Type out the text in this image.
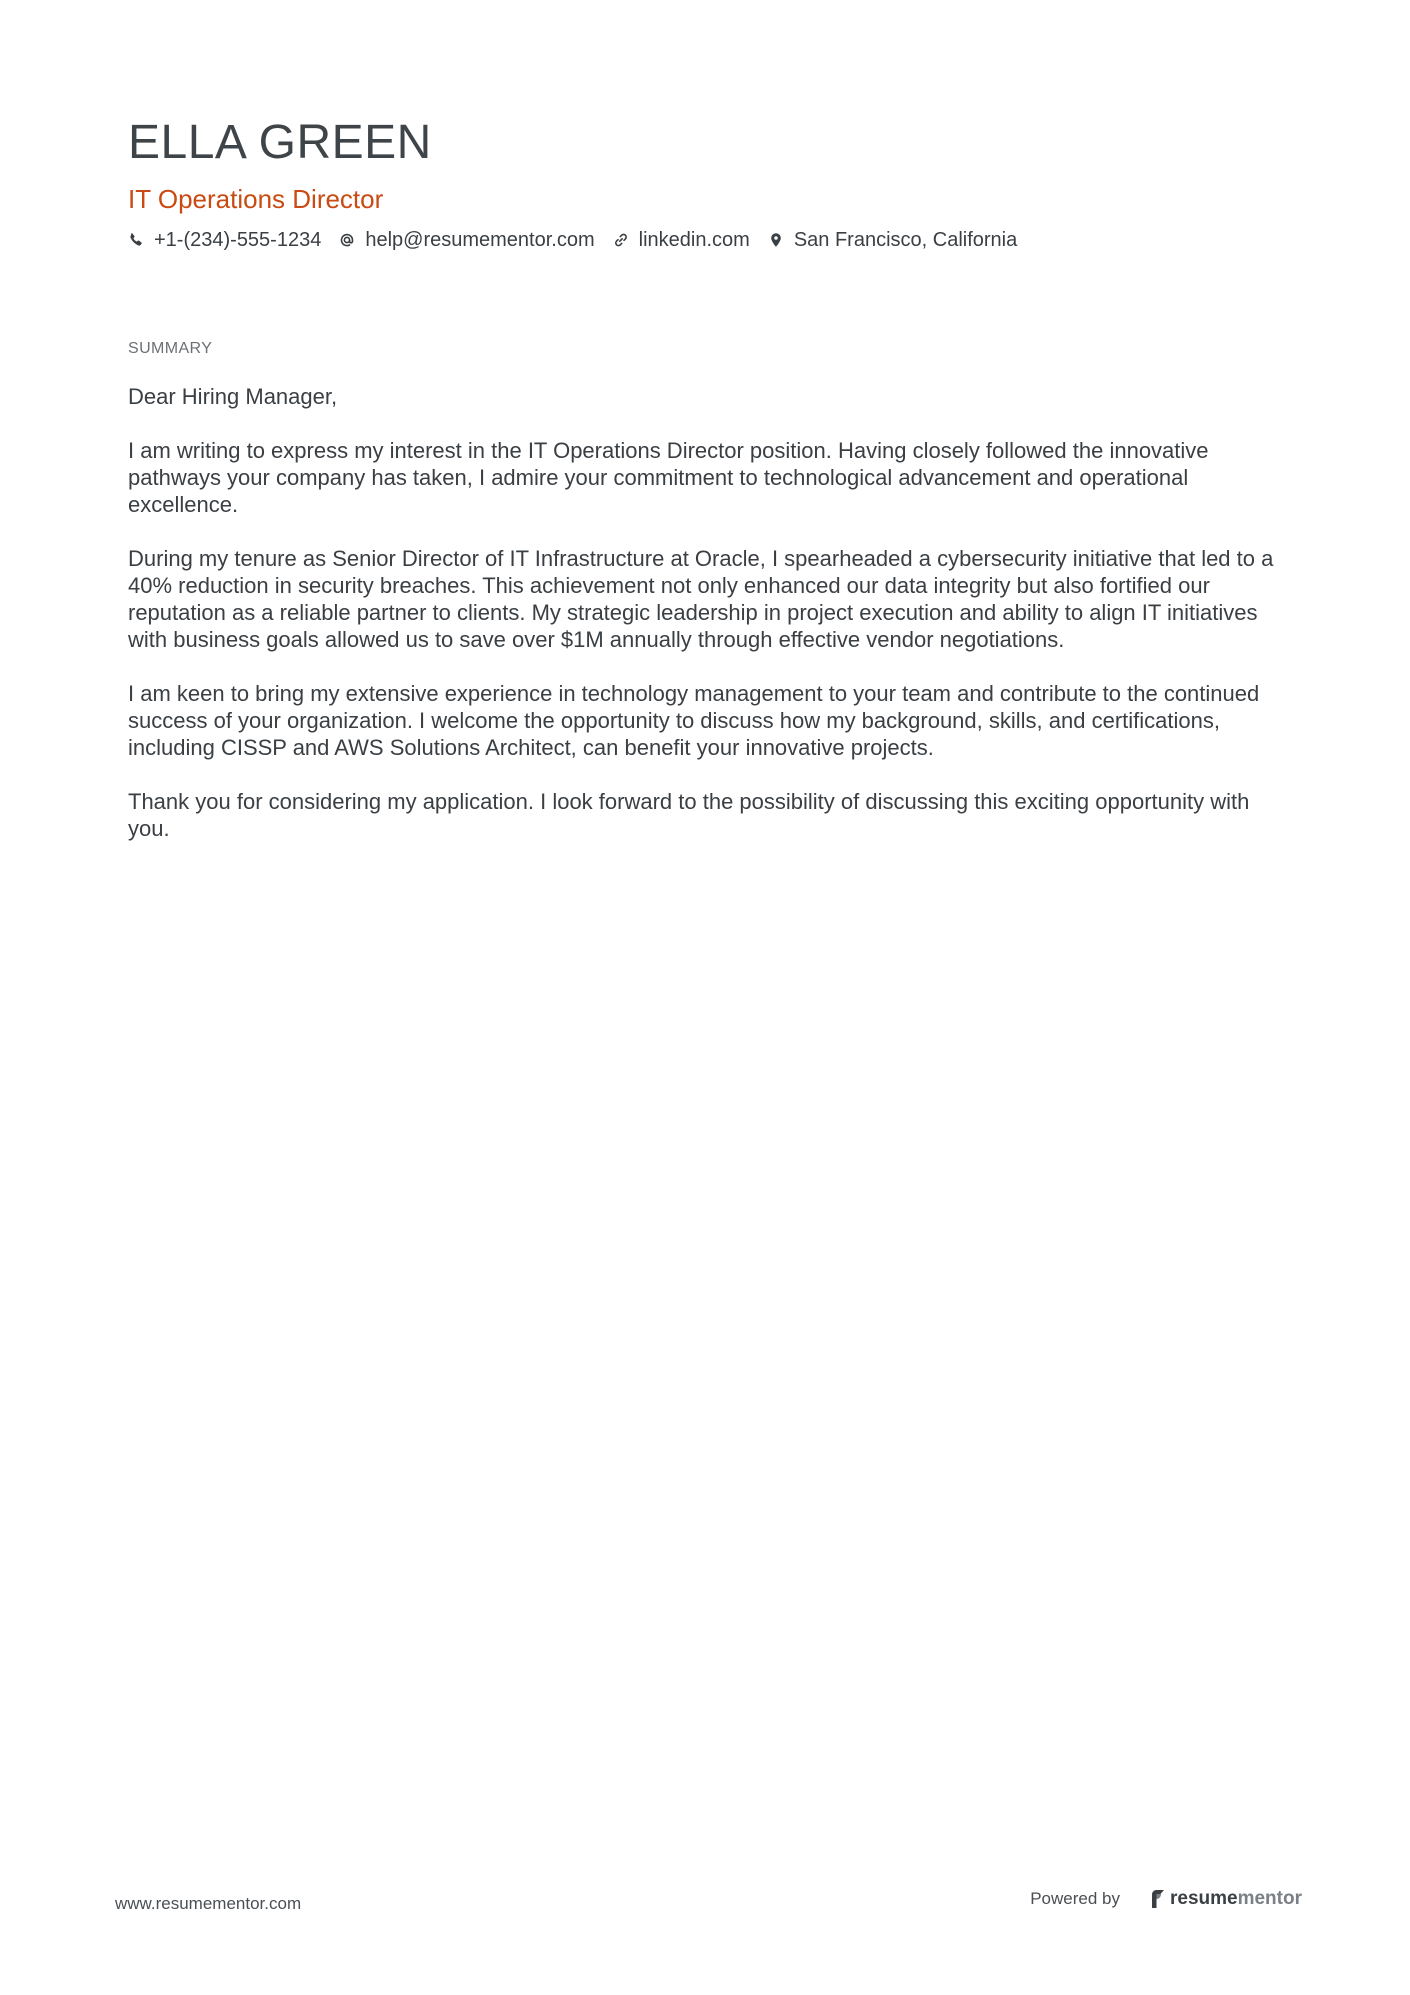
ELLA GREEN
IT Operations Director
+1-(234)-555-1234 help@resumementor.com linkedin.com San Francisco, California
SUMMARY

Dear Hiring Manager,

I am writing to express my interest in the IT Operations Director position. Having closely followed the innovative pathways your company has taken, I admire your commitment to technological advancement and operational excellence.

During my tenure as Senior Director of IT Infrastructure at Oracle, I spearheaded a cybersecurity initiative that led to a 40% reduction in security breaches. This achievement not only enhanced our data integrity but also fortified our reputation as a reliable partner to clients. My strategic leadership in project execution and ability to align IT initiatives with business goals allowed us to save over $1M annually through effective vendor negotiations.

I am keen to bring my extensive experience in technology management to your team and contribute to the continued success of your organization. I welcome the opportunity to discuss how my background, skills, and certifications, including CISSP and AWS Solutions Architect, can benefit your innovative projects.

Thank you for considering my application. I look forward to the possibility of discussing this exciting opportunity with you.

www.resumementor.com	Powered by	resume mentor
